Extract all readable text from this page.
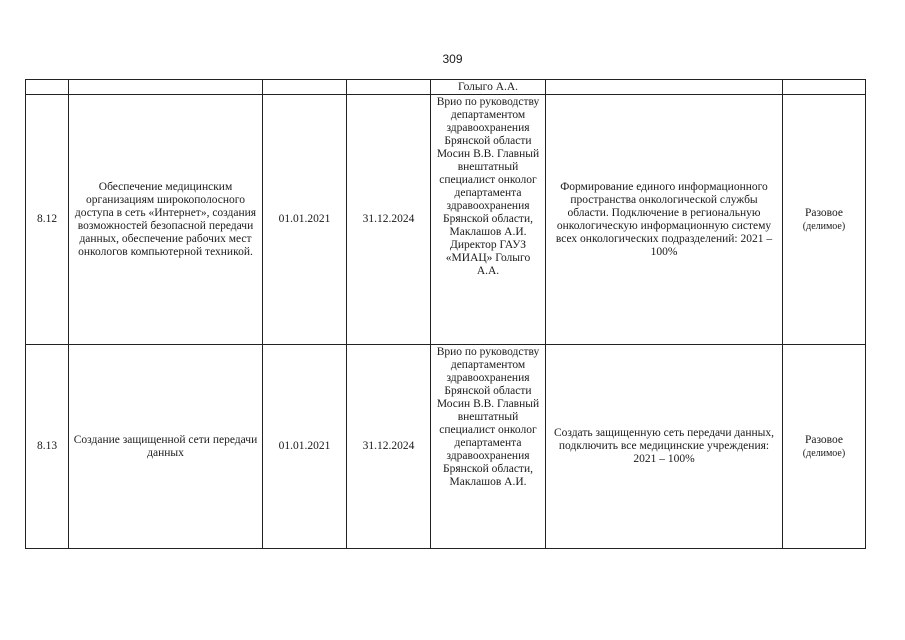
309
				Голыго А.А.		
8.12	Обеспечение медицинским организациям широкополосного доступа в сеть «Интернет», создания возможностей безопасной передачи данных, обеспечение рабочих мест онкологов компьютерной техникой.	01.01.2021	31.12.2024	Врио по руководству департаментом здравоохранения Брянской области Мосин В.В. Главный внештатный специалист онколог департамента здравоохранения Брянской области, Маклашов А.И. Директор ГАУЗ «МИАЦ» Голыго А.А.	Формирование единого информационного пространства онкологической службы области. Подключение в региональную онкологическую информационную систему всех онкологических подразделений: 2021 – 100%	Разовое
(делимое)

8.13	Создание защищенной сети передачи данных	01.01.2021	31.12.2024	Врио по руководству департаментом здравоохранения Брянской области Мосин В.В. Главный внештатный специалист онколог департамента здравоохранения Брянской области, Маклашов А.И.	Создать защищенную сеть передачи данных, подключить все медицинские учреждения: 2021 – 100%	Разовое
(делимое)
